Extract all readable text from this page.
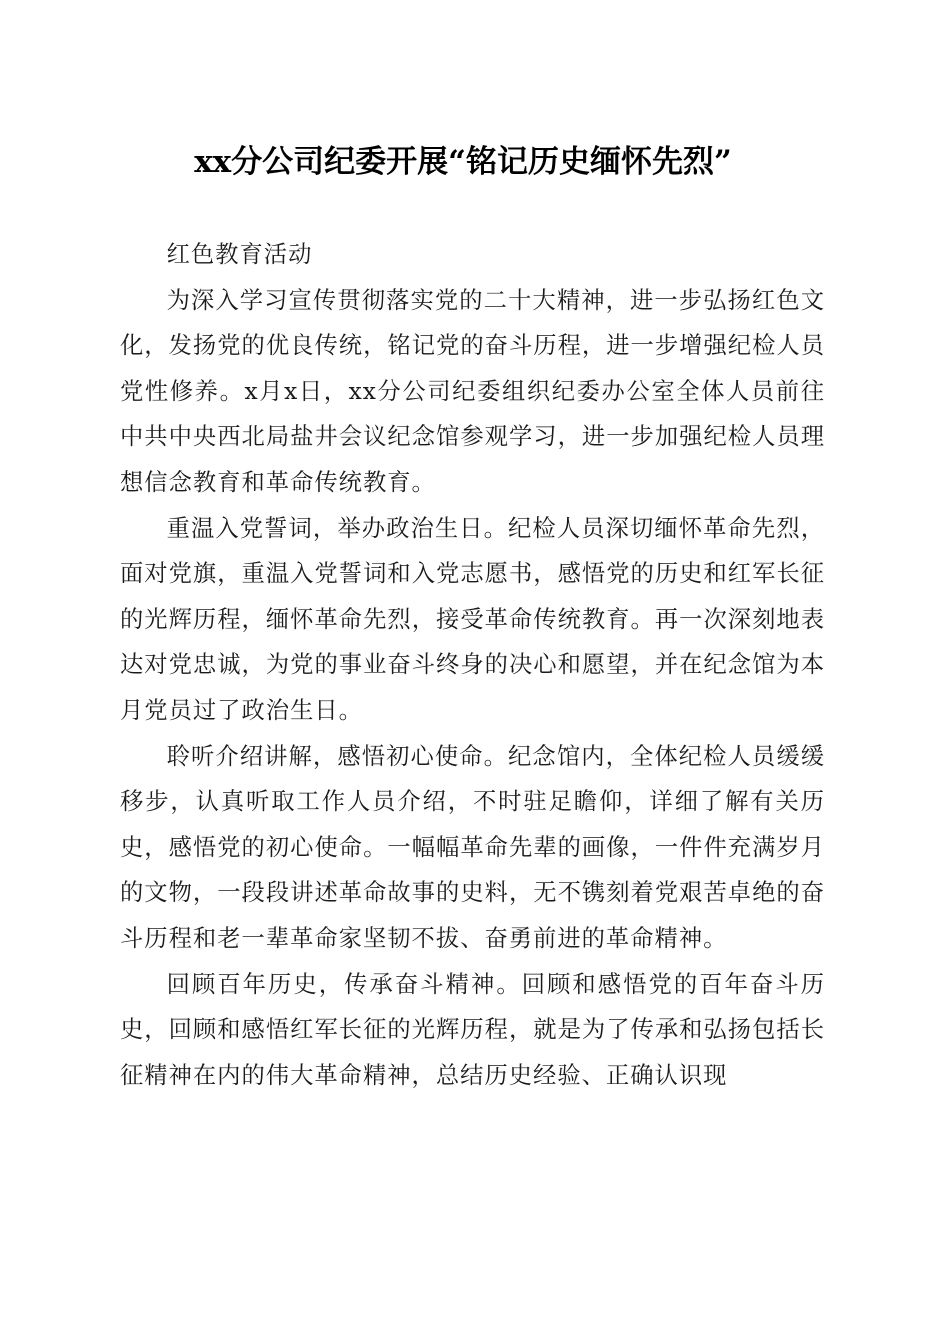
xx分公司纪委开展“铭记历史缅怀先烈”

红色教育活动

为深入学习宣传贯彻落实党的二十大精神，进一步弘扬红色文化，发扬党的优良传统，铭记党的奋斗历程，进一步增强纪检人员党性修养。x月x日，xx分公司纪委组织纪委办公室全体人员前往中共中央西北局盐井会议纪念馆参观学习，进一步加强纪检人员理想信念教育和革命传统教育。

重温入党誓词，举办政治生日。纪检人员深切缅怀革命先烈，面对党旗，重温入党誓词和入党志愿书，感悟党的历史和红军长征的光辉历程，缅怀革命先烈，接受革命传统教育。再一次深刻地表达对党忠诚，为党的事业奋斗终身的决心和愿望，并在纪念馆为本月党员过了政治生日。

聆听介绍讲解，感悟初心使命。纪念馆内，全体纪检人员缓缓移步，认真听取工作人员介绍，不时驻足瞻仰，详细了解有关历史，感悟党的初心使命。一幅幅革命先辈的画像，一件件充满岁月的文物，一段段讲述革命故事的史料，无不镌刻着党艰苦卓绝的奋斗历程和老一辈革命家坚韧不拔、奋勇前进的革命精神。

回顾百年历史，传承奋斗精神。回顾和感悟党的百年奋斗历史，回顾和感悟红军长征的光辉历程，就是为了传承和弘扬包括长征精神在内的伟大革命精神，总结历史经验、正确认识现
